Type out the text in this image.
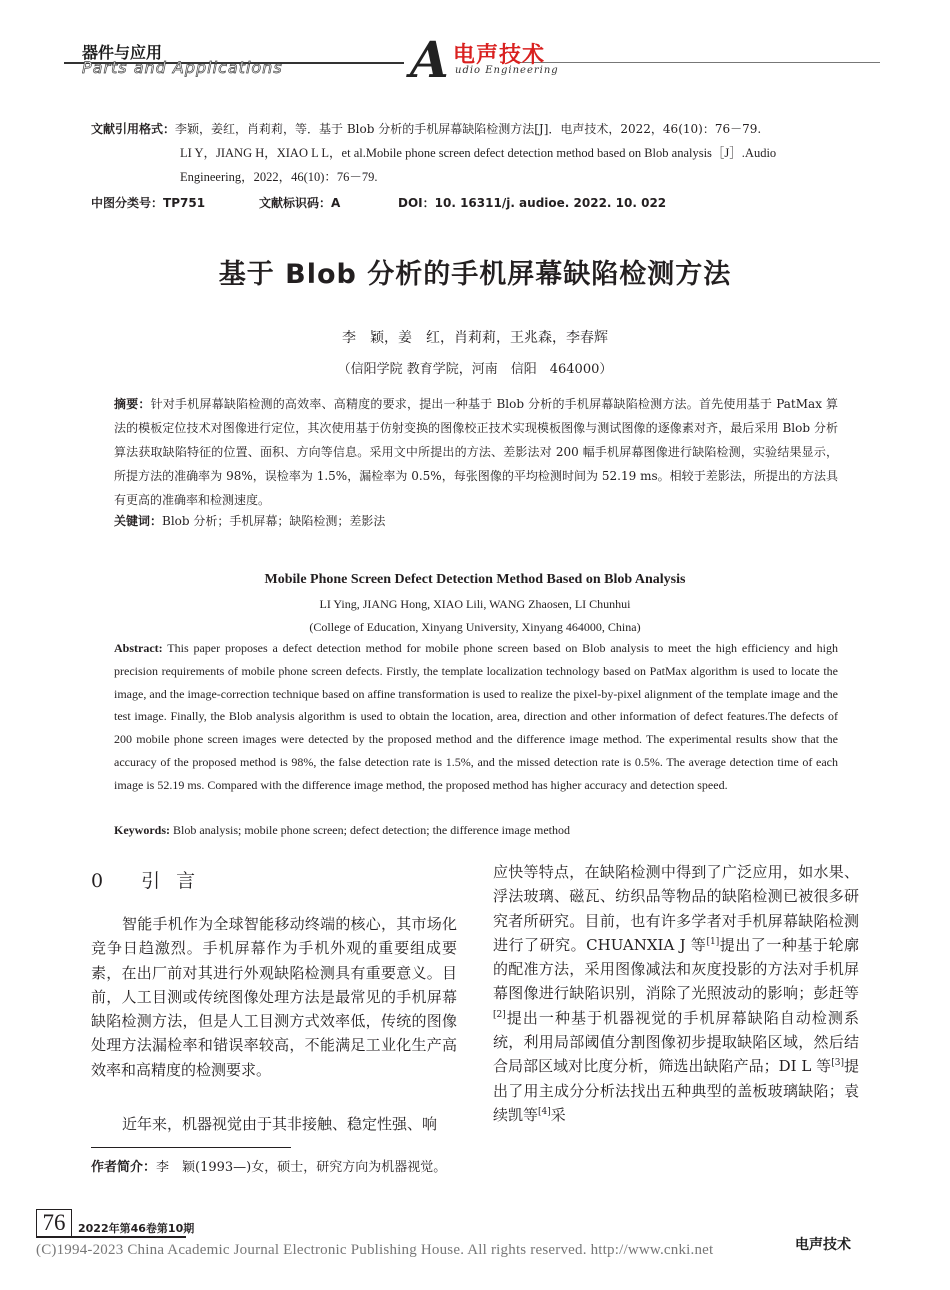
器件与应用
Parts and Applications	A 电声技术
udio Engineering
文献引用格式：李颖，姜红，肖莉莉，等．基于 Blob 分析的手机屏幕缺陷检测方法[J]．电声技术，2022，46(10)：76－79.
LI Y，JIANG H，XIAO L L，et al.Mobile phone screen defect detection method based on Blob analysis［J］.Audio
Engineering，2022，46(10)：76－79.
中图分类号：TP751	文献标识码：A	DOI：10. 16311/j. audioe. 2022. 10. 022
基于 Blob 分析的手机屏幕缺陷检测方法
李　颖，姜　红，肖莉莉，王兆森，李春辉
（信阳学院 教育学院，河南　信阳　464000）
摘要：针对手机屏幕缺陷检测的高效率、高精度的要求，提出一种基于 Blob 分析的手机屏幕缺陷检测方法。首先使用基于 PatMax 算法的模板定位技术对图像进行定位，其次使用基于仿射变换的图像校正技术实现模板图像与测试图像的逐像素对齐，最后采用 Blob 分析算法获取缺陷特征的位置、面积、方向等信息。采用文中所提出的方法、差影法对 200 幅手机屏幕图像进行缺陷检测，实验结果显示，所提方法的准确率为 98%，误检率为 1.5%，漏检率为 0.5%，每张图像的平均检测时间为 52.19 ms。相较于差影法，所提出的方法具有更高的准确率和检测速度。
关键词：Blob 分析；手机屏幕；缺陷检测；差影法
Mobile Phone Screen Defect Detection Method Based on Blob Analysis
LI Ying, JIANG Hong, XIAO Lili, WANG Zhaosen, LI Chunhui
(College of Education, Xinyang University, Xinyang 464000, China)
Abstract: This paper proposes a defect detection method for mobile phone screen based on Blob analysis to meet the high efficiency and high precision requirements of mobile phone screen defects. Firstly, the template localization technology based on PatMax algorithm is used to locate the image, and the image-correction technique based on affine transformation is used to realize the pixel-by-pixel alignment of the template image and the test image. Finally, the Blob analysis algorithm is used to obtain the location, area, direction and other information of defect features.The defects of 200 mobile phone screen images were detected by the proposed method and the difference image method. The experimental results show that the accuracy of the proposed method is 98%, the false detection rate is 1.5%, and the missed detection rate is 0.5%. The average detection time of each image is 52.19 ms. Compared with the difference image method, the proposed method has higher accuracy and detection speed.
Keywords: Blob analysis; mobile phone screen; defect detection; the difference image method
0 引言
智能手机作为全球智能移动终端的核心，其市场化竞争日趋激烈。手机屏幕作为手机外观的重要组成要素，在出厂前对其进行外观缺陷检测具有重要意义。目前，人工目测或传统图像处理方法是最常见的手机屏幕缺陷检测方法，但是人工目测方式效率低，传统的图像处理方法漏检率和错误率较高，不能满足工业化生产高效率和高精度的检测要求。
近年来，机器视觉由于其非接触、稳定性强、响
应快等特点，在缺陷检测中得到了广泛应用，如水果、浮法玻璃、磁瓦、纺织品等物品的缺陷检测已被很多研究者所研究。目前，也有许多学者对手机屏幕缺陷检测进行了研究。CHUANXIA J 等[1]提出了一种基于轮廓的配准方法，采用图像减法和灰度投影的方法对手机屏幕图像进行缺陷识别，消除了光照波动的影响；彭赶等[2]提出一种基于机器视觉的手机屏幕缺陷自动检测系统，利用局部阈值分割图像初步提取缺陷区域，然后结合局部区域对比度分析，筛选出缺陷产品；DI L 等[3]提出了用主成分分析法找出五种典型的盖板玻璃缺陷；袁续凯等[4]采
作者简介：李　颖(1993—)女，硕士，研究方向为机器视觉。
76	2022年第46卷第10期
(C)1994-2023 China Academic Journal Electronic Publishing House. All rights reserved. http://www.cnki.net	电声技术
